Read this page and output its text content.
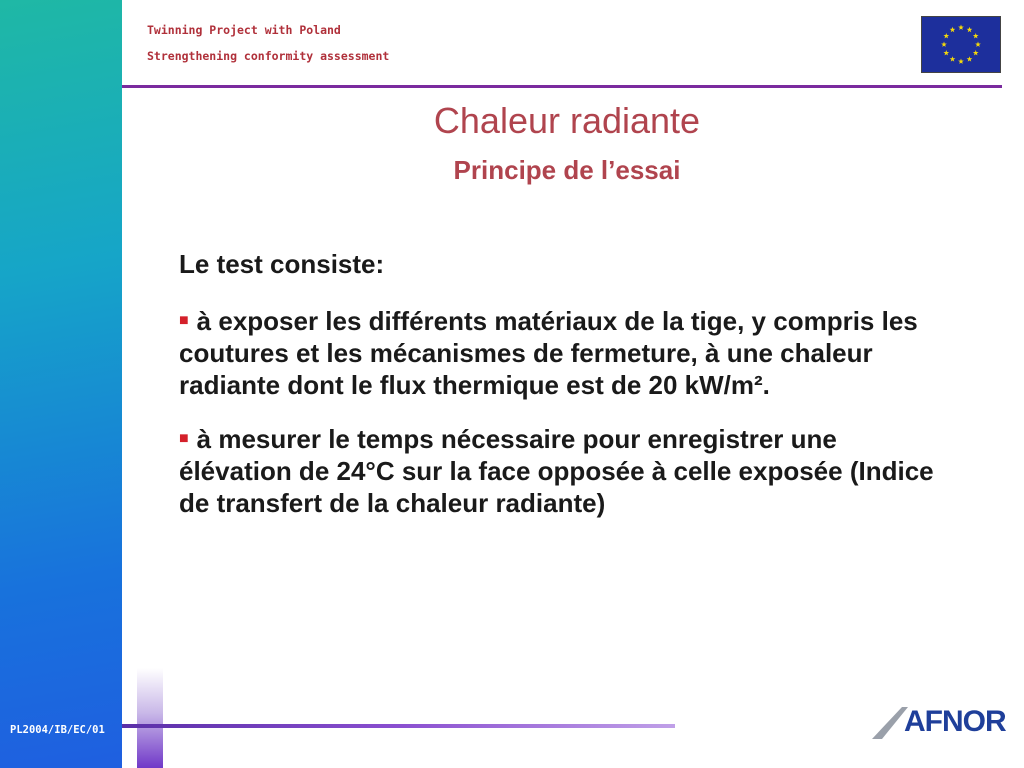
Twinning Project with Poland
Strengthening conformity assessment
Chaleur radiante
Principe de l’essai
Le test consiste:
■ à exposer les différents matériaux de la tige, y compris les coutures et les mécanismes de fermeture, à une chaleur radiante dont le flux thermique est de 20 kW/m².
■ à mesurer le temps nécessaire pour enregistrer une élévation de 24°C sur la face opposée à celle exposée (Indice de transfert de la chaleur radiante)
PL2004/IB/EC/01	AFNOR
